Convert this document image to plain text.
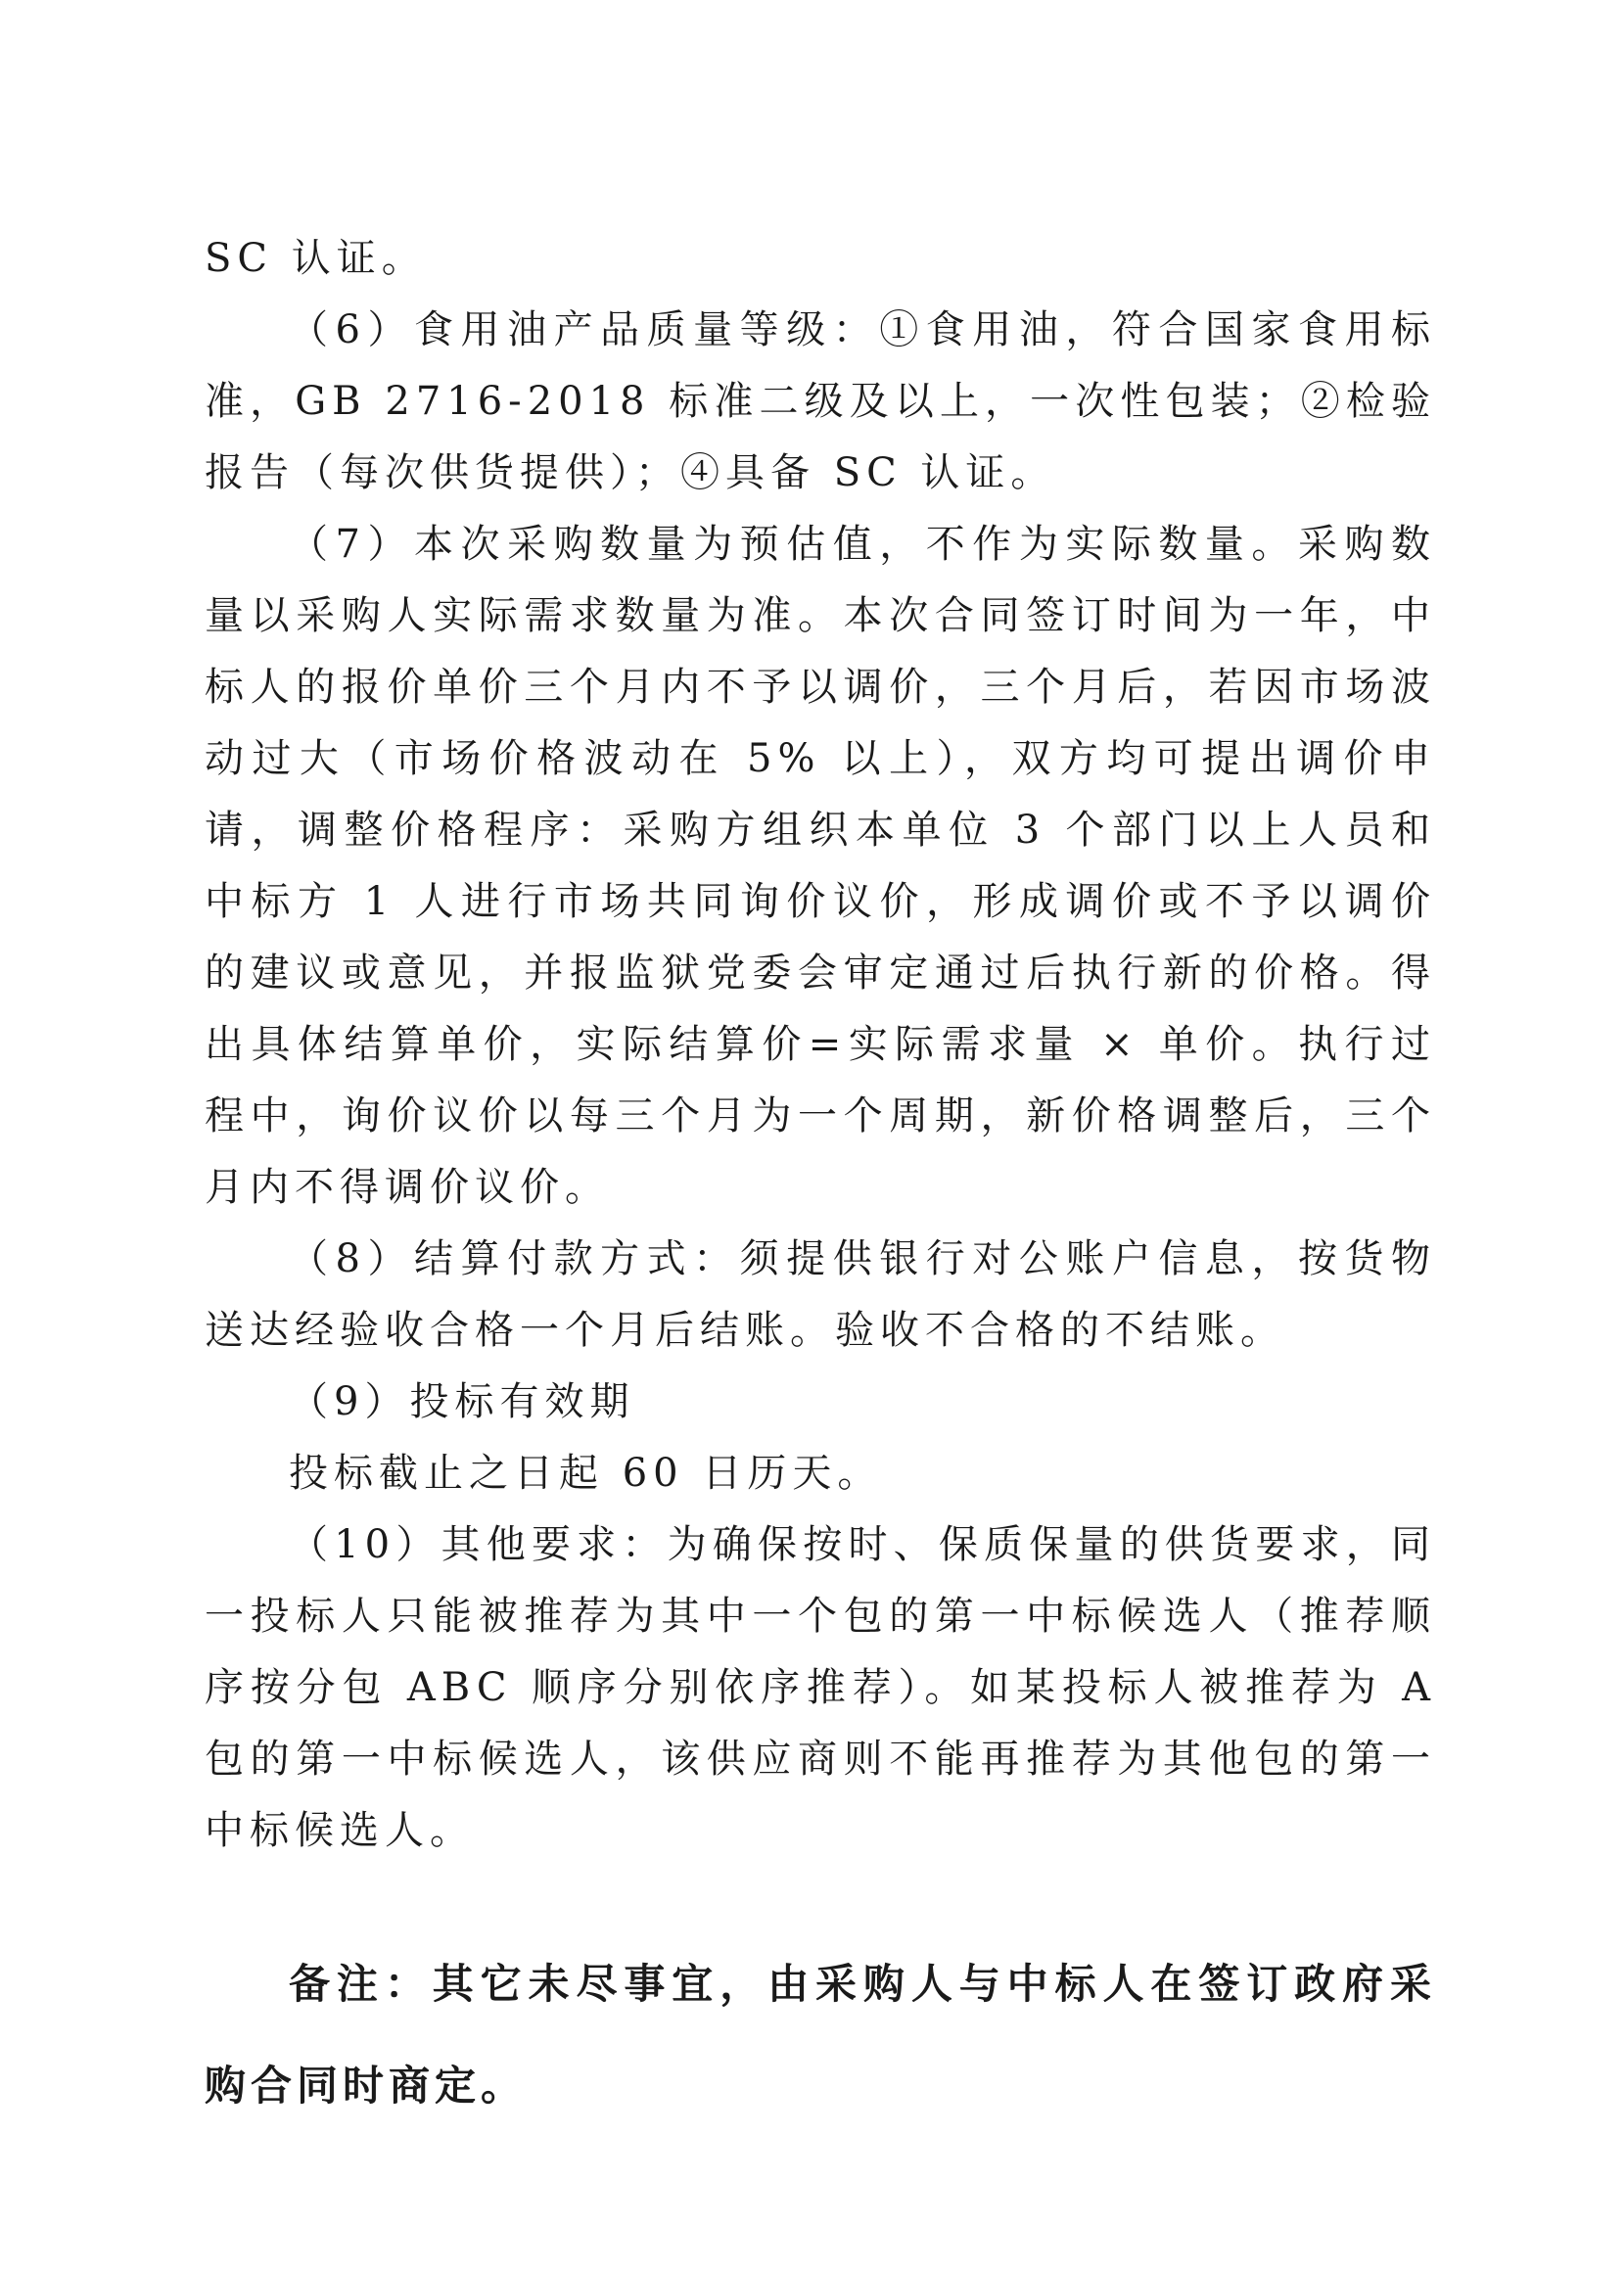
SC 认证。

（6）食用油产品质量等级：①食用油，符合国家食用标准，GB 2716-2018 标准二级及以上，一次性包装；②检验报告（每次供货提供）；④具备 SC 认证。

（7）本次采购数量为预估值，不作为实际数量。采购数量以采购人实际需求数量为准。本次合同签订时间为一年，中标人的报价单价三个月内不予以调价，三个月后，若因市场波动过大（市场价格波动在 5% 以上），双方均可提出调价申请，调整价格程序：采购方组织本单位 3 个部门以上人员和中标方 1 人进行市场共同询价议价，形成调价或不予以调价的建议或意见，并报监狱党委会审定通过后执行新的价格。得出具体结算单价，实际结算价=实际需求量 × 单价。执行过程中，询价议价以每三个月为一个周期，新价格调整后，三个月内不得调价议价。

（8）结算付款方式：须提供银行对公账户信息，按货物送达经验收合格一个月后结账。验收不合格的不结账。

（9）投标有效期

投标截止之日起 60 日历天。

（10）其他要求：为确保按时、保质保量的供货要求，同一投标人只能被推荐为其中一个包的第一中标候选人（推荐顺序按分包 ABC 顺序分别依序推荐）。如某投标人被推荐为 A 包的第一中标候选人，该供应商则不能再推荐为其他包的第一中标候选人。

备注：其它未尽事宜，由采购人与中标人在签订政府采购合同时商定。
